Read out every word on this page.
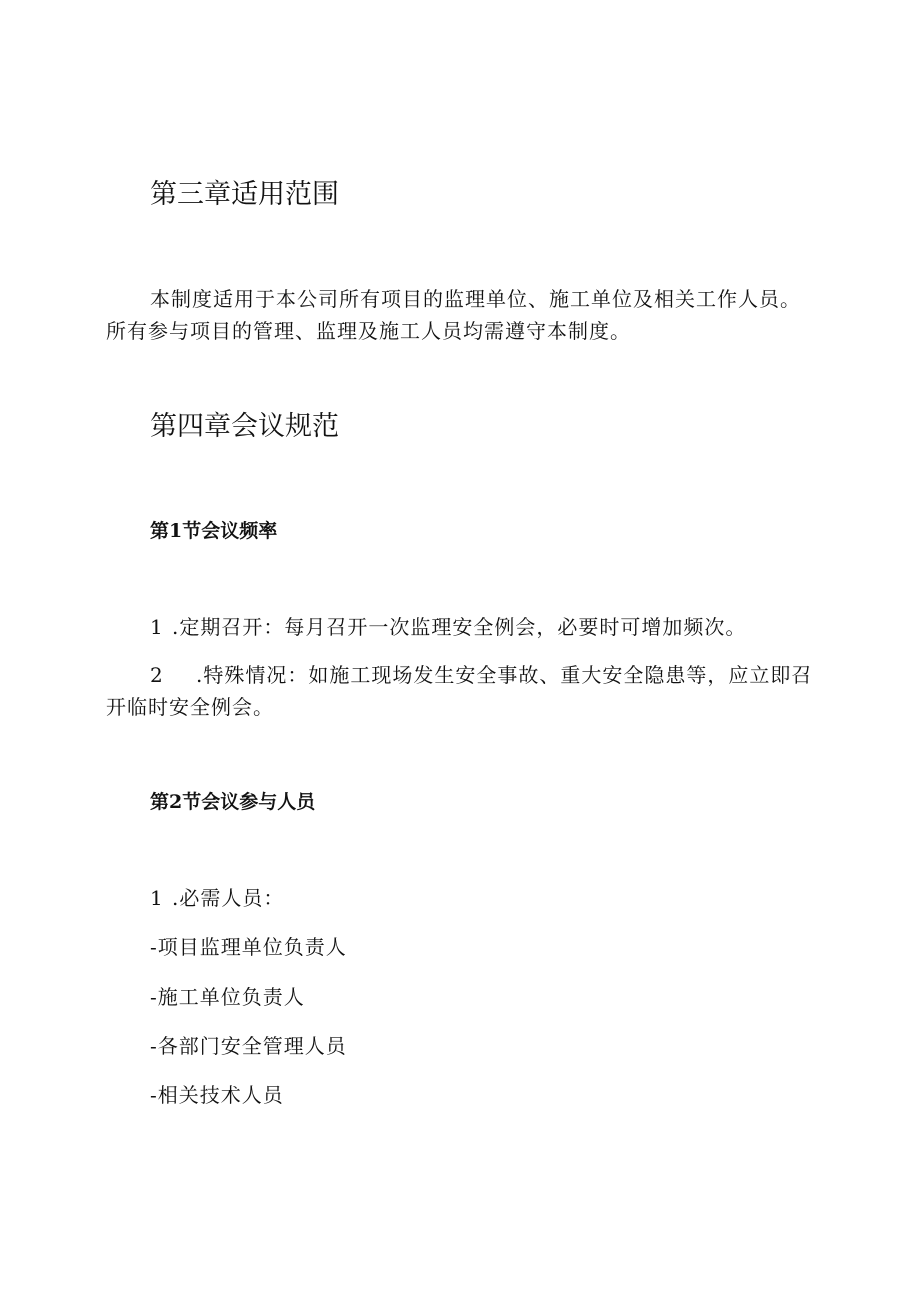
第三章适用范围

本制度适用于本公司所有项目的监理单位、施工单位及相关工作人员。所有参与项目的管理、监理及施工人员均需遵守本制度。

第四章会议规范
第1节会议频率

1 .定期召开：每月召开一次监理安全例会，必要时可增加频次。

2 .特殊情况：如施工现场发生安全事故、重大安全隐患等，应立即召开临时安全例会。

第2节会议参与人员

1 .必需人员：

-项目监理单位负责人

-施工单位负责人

-各部门安全管理人员

-相关技术人员
